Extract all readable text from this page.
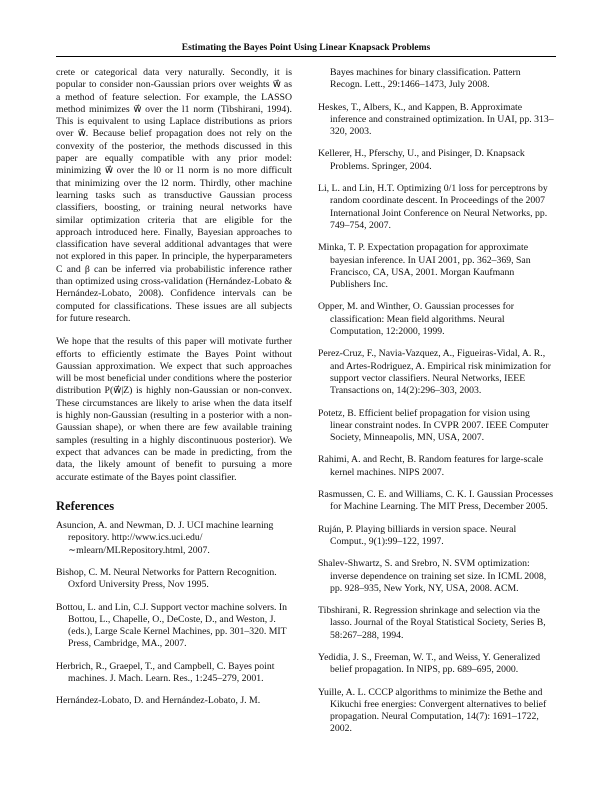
Estimating the Bayes Point Using Linear Knapsack Problems

crete or categorical data very naturally. Secondly, it is popular to consider non-Gaussian priors over weights w⃗ as a method of feature selection. For example, the LASSO method minimizes w⃗ over the l1 norm (Tibshirani, 1994). This is equivalent to using Laplace distributions as priors over w⃗. Because belief propagation does not rely on the convexity of the posterior, the methods discussed in this paper are equally compatible with any prior model: minimizing w⃗ over the l0 or l1 norm is no more difficult that minimizing over the l2 norm. Thirdly, other machine learning tasks such as transductive Gaussian process classifiers, boosting, or training neural networks have similar optimization criteria that are eligible for the approach introduced here. Finally, Bayesian approaches to classification have several additional advantages that were not explored in this paper. In principle, the hyperparameters C and β can be inferred via probabilistic inference rather than optimized using cross-validation (Hernández-Lobato & Hernández-Lobato, 2008). Confidence intervals can be computed for classifications. These issues are all subjects for future research.

We hope that the results of this paper will motivate further efforts to efficiently estimate the Bayes Point without Gaussian approximation. We expect that such approaches will be most beneficial under conditions where the posterior distribution P(w⃗|Z) is highly non-Gaussian or non-convex. These circumstances are likely to arise when the data itself is highly non-Gaussian (resulting in a posterior with a non-Gaussian shape), or when there are few available training samples (resulting in a highly discontinuous posterior). We expect that advances can be made in predicting, from the data, the likely amount of benefit to pursuing a more accurate estimate of the Bayes point classifier.

References
Asuncion, A. and Newman, D. J. UCI machine learning repository. http://www.ics.uci.edu/∼mlearn/MLRepository.html, 2007.
Bishop, C. M. Neural Networks for Pattern Recognition. Oxford University Press, Nov 1995.
Bottou, L. and Lin, C.J. Support vector machine solvers. In Bottou, L., Chapelle, O., DeCoste, D., and Weston, J. (eds.), Large Scale Kernel Machines, pp. 301–320. MIT Press, Cambridge, MA., 2007.
Herbrich, R., Graepel, T., and Campbell, C. Bayes point machines. J. Mach. Learn. Res., 1:245–279, 2001.
Hernández-Lobato, D. and Hernández-Lobato, J. M.
Bayes machines for binary classification. Pattern Recogn. Lett., 29:1466–1473, July 2008.
Heskes, T., Albers, K., and Kappen, B. Approximate inference and constrained optimization. In UAI, pp. 313–320, 2003.
Kellerer, H., Pferschy, U., and Pisinger, D. Knapsack Problems. Springer, 2004.
Li, L. and Lin, H.T. Optimizing 0/1 loss for perceptrons by random coordinate descent. In Proceedings of the 2007 International Joint Conference on Neural Networks, pp. 749–754, 2007.
Minka, T. P. Expectation propagation for approximate bayesian inference. In UAI 2001, pp. 362–369, San Francisco, CA, USA, 2001. Morgan Kaufmann Publishers Inc.
Opper, M. and Winther, O. Gaussian processes for classification: Mean field algorithms. Neural Computation, 12:2000, 1999.
Perez-Cruz, F., Navia-Vazquez, A., Figueiras-Vidal, A. R., and Artes-Rodriguez, A. Empirical risk minimization for support vector classifiers. Neural Networks, IEEE Transactions on, 14(2):296–303, 2003.
Potetz, B. Efficient belief propagation for vision using linear constraint nodes. In CVPR 2007. IEEE Computer Society, Minneapolis, MN, USA, 2007.
Rahimi, A. and Recht, B. Random features for large-scale kernel machines. NIPS 2007.
Rasmussen, C. E. and Williams, C. K. I. Gaussian Processes for Machine Learning. The MIT Press, December 2005.
Ruján, P. Playing billiards in version space. Neural Comput., 9(1):99–122, 1997.
Shalev-Shwartz, S. and Srebro, N. SVM optimization: inverse dependence on training set size. In ICML 2008, pp. 928–935, New York, NY, USA, 2008. ACM.
Tibshirani, R. Regression shrinkage and selection via the lasso. Journal of the Royal Statistical Society, Series B, 58:267–288, 1994.
Yedidia, J. S., Freeman, W. T., and Weiss, Y. Generalized belief propagation. In NIPS, pp. 689–695, 2000.
Yuille, A. L. CCCP algorithms to minimize the Bethe and Kikuchi free energies: Convergent alternatives to belief propagation. Neural Computation, 14(7): 1691–1722, 2002.
